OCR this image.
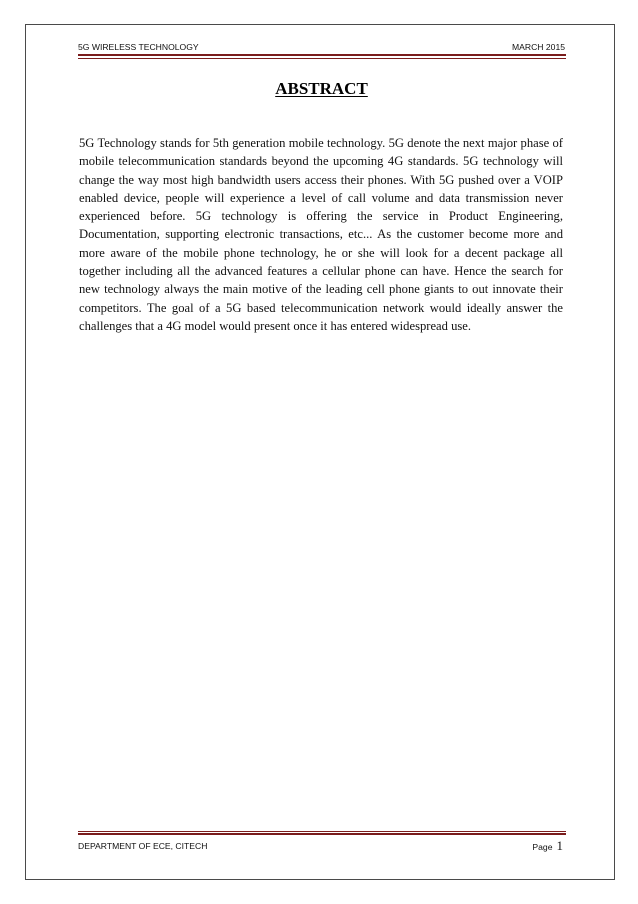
5G WIRELESS TECHNOLOGY	MARCH 2015
ABSTRACT

5G Technology stands for 5th generation mobile technology. 5G denote the next major phase of mobile telecommunication standards beyond the upcoming 4G standards. 5G technology will change the way most high bandwidth users access their phones. With 5G pushed over a VOIP enabled device, people will experience a level of call volume and data transmission never experienced before. 5G technology is offering the service in Product Engineering, Documentation, supporting electronic transactions, etc... As the customer become more and more aware of the mobile phone technology, he or she will look for a decent package all together including all the advanced features a cellular phone can have. Hence the search for new technology always the main motive of the leading cell phone giants to out innovate their competitors. The goal of a 5G based telecommunication network would ideally answer the challenges that a 4G model would present once it has entered widespread use.

DEPARTMENT OF ECE, CITECH	Page 1
